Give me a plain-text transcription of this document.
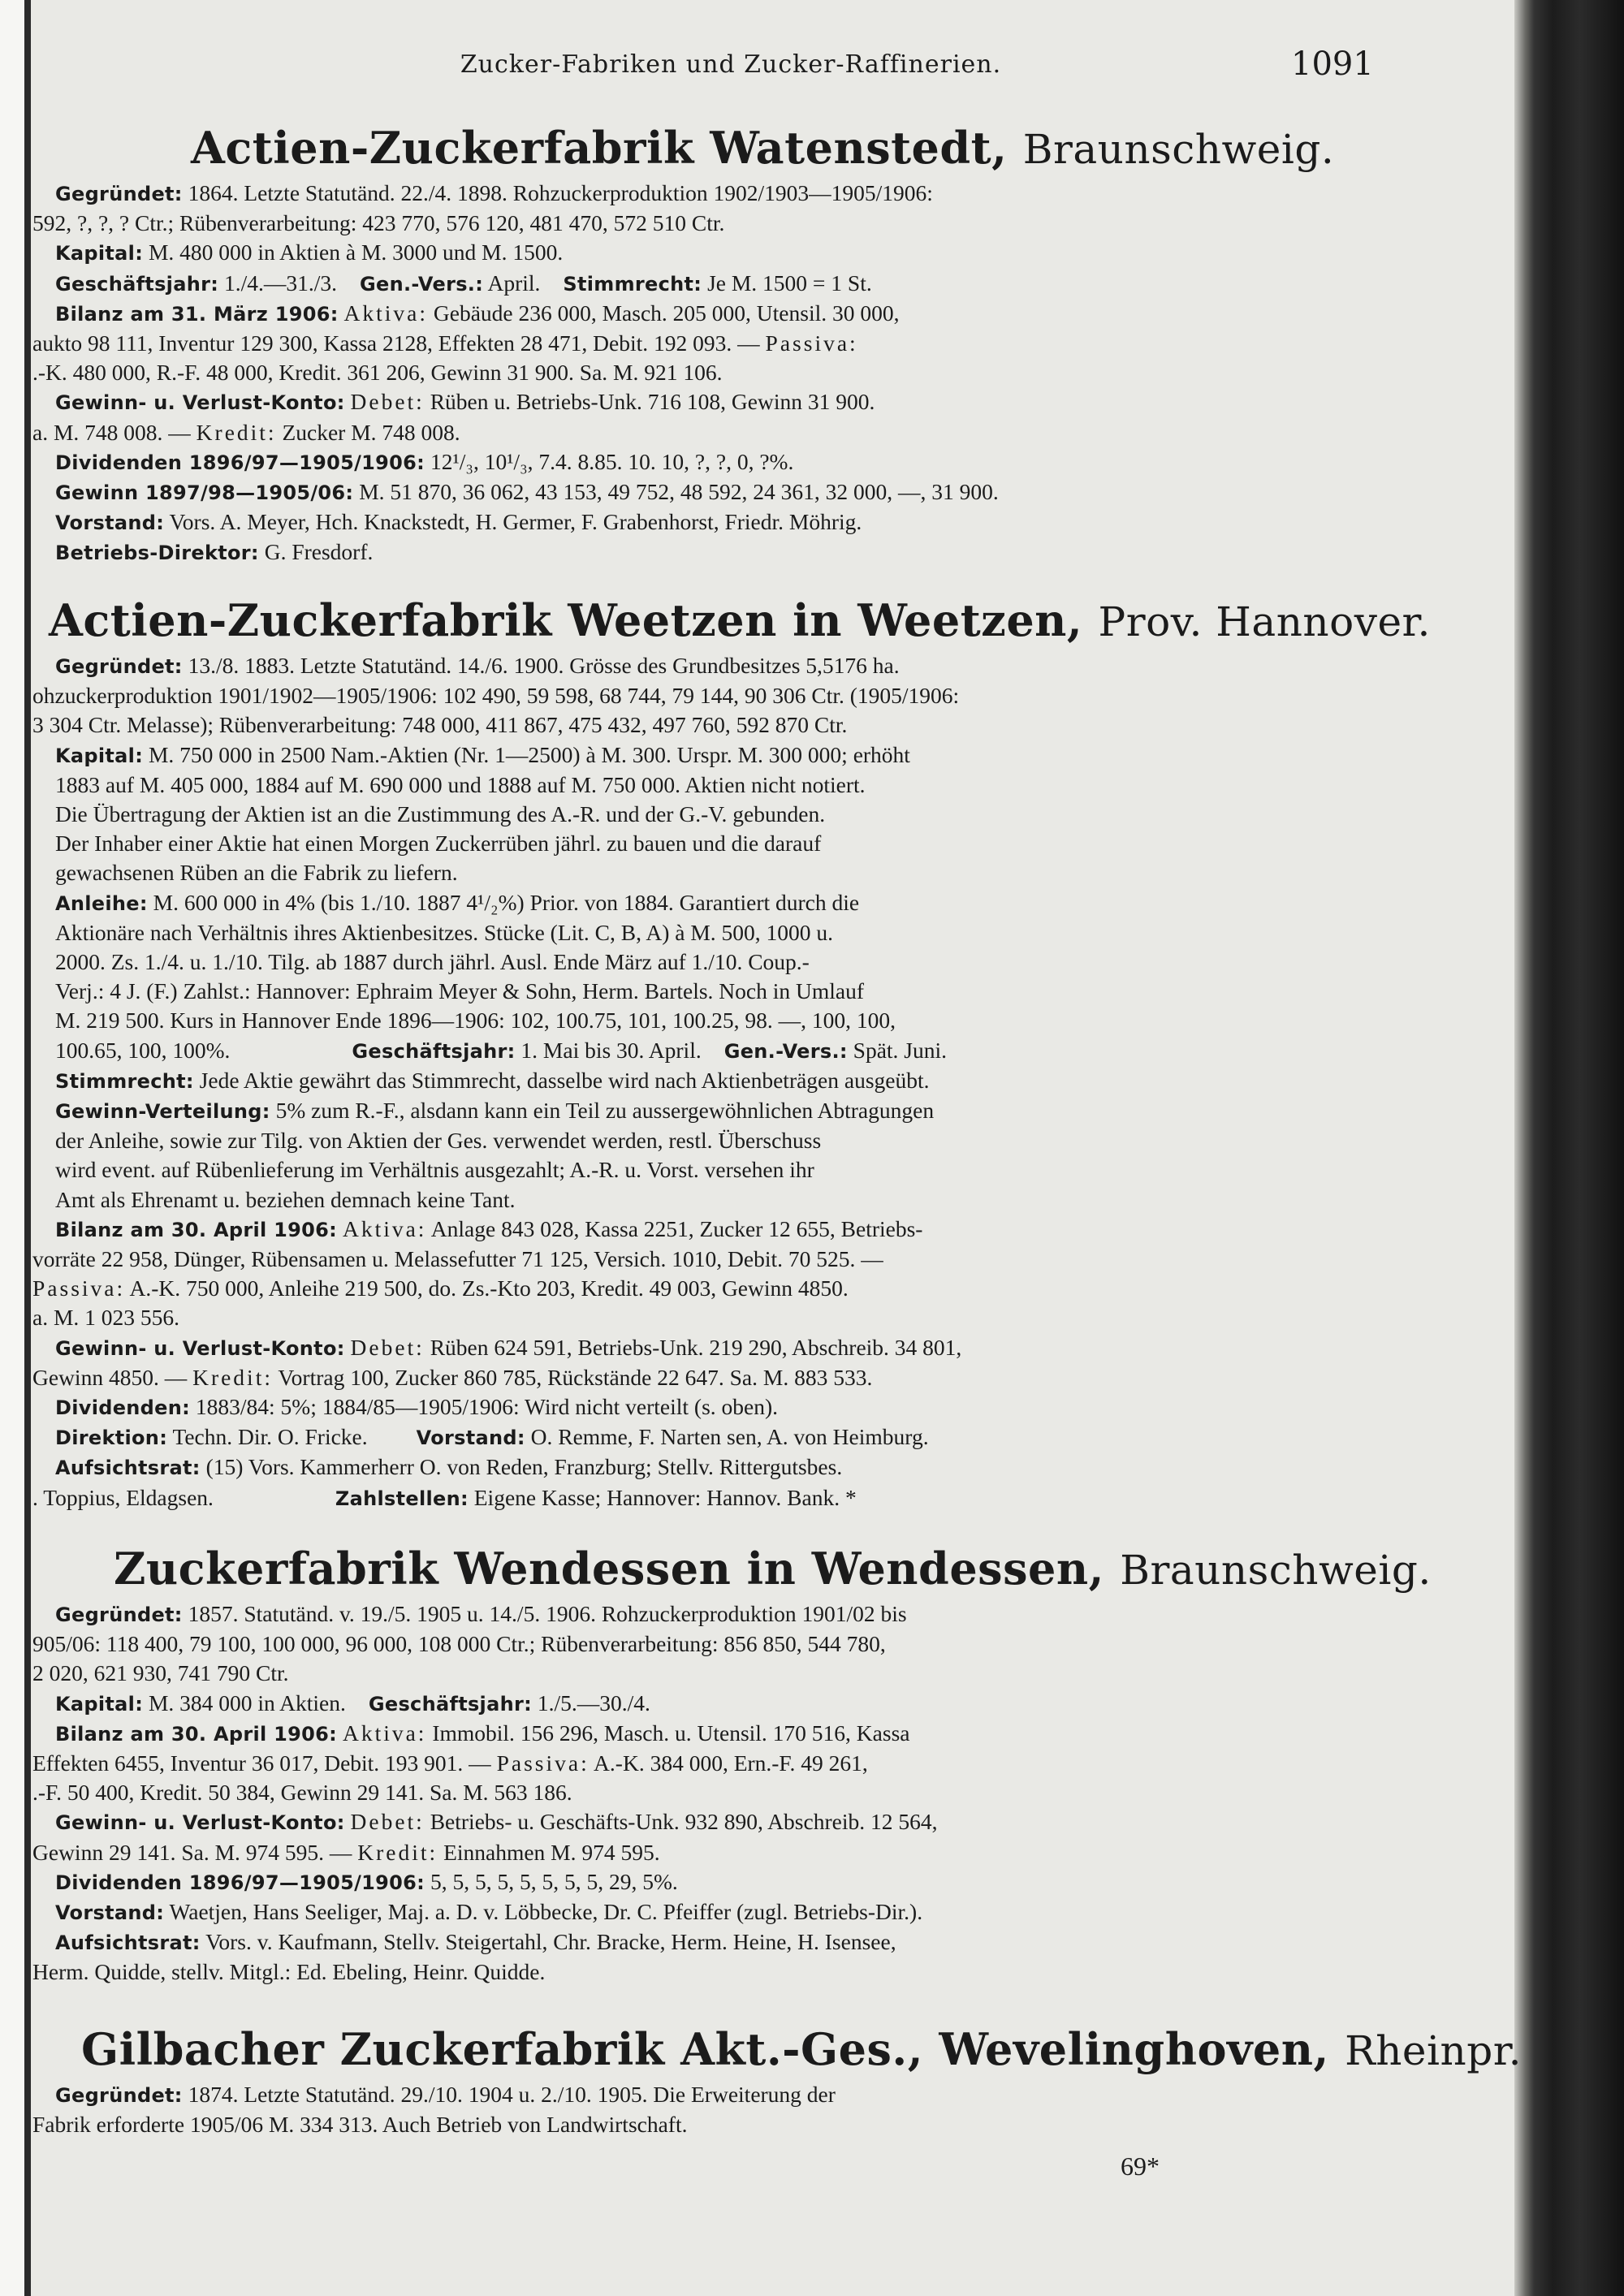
Zucker-Fabriken und Zucker-Raffinerien.	1091
Actien-Zuckerfabrik Watenstedt, Braunschweig.
Gegründet: 1864. Letzte Statutänd. 22./4. 1898. Rohzuckerproduktion 1902/1903—1905/1906:
592, ?, ?, ? Ctr.; Rübenverarbeitung: 423 770, 576 120, 481 470, 572 510 Ctr.
Kapital: M. 480 000 in Aktien à M. 3000 und M. 1500.
Geschäftsjahr: 1./4.—31./3. Gen.-Vers.: April. Stimmrecht: Je M. 1500 = 1 St.
Bilanz am 31. März 1906: Aktiva: Gebäude 236 000, Masch. 205 000, Utensil. 30 000,
aukto 98 111, Inventur 129 300, Kassa 2128, Effekten 28 471, Debit. 192 093. — Passiva:
.-K. 480 000, R.-F. 48 000, Kredit. 361 206, Gewinn 31 900. Sa. M. 921 106.
Gewinn- u. Verlust-Konto: Debet: Rüben u. Betriebs-Unk. 716 108, Gewinn 31 900.
a. M. 748 008. — Kredit: Zucker M. 748 008.
Dividenden 1896/97—1905/1906: 12¹/₃, 10¹/₃, 7.4. 8.85. 10. 10, ?, ?, 0, ?%.
Gewinn 1897/98—1905/06: M. 51 870, 36 062, 43 153, 49 752, 48 592, 24 361, 32 000, —, 31 900.
Vorstand: Vors. A. Meyer, Hch. Knackstedt, H. Germer, F. Grabenhorst, Friedr. Möhrig.
Betriebs-Direktor: G. Fresdorf.
Actien-Zuckerfabrik Weetzen in Weetzen, Prov. Hannover.
Gegründet: 13./8. 1883. Letzte Statutänd. 14./6. 1900. Grösse des Grundbesitzes 5,5176 ha.
ohzuckerproduktion 1901/1902—1905/1906: 102 490, 59 598, 68 744, 79 144, 90 306 Ctr. (1905/1906:
3 304 Ctr. Melasse); Rübenverarbeitung: 748 000, 411 867, 475 432, 497 760, 592 870 Ctr.
Kapital: M. 750 000 in 2500 Nam.-Aktien (Nr. 1—2500) à M. 300. Urspr. M. 300 000; erhöht
1883 auf M. 405 000, 1884 auf M. 690 000 und 1888 auf M. 750 000. Aktien nicht notiert.
Die Übertragung der Aktien ist an die Zustimmung des A.-R. und der G.-V. gebunden.
Der Inhaber einer Aktie hat einen Morgen Zuckerrüben jährl. zu bauen und die darauf
gewachsenen Rüben an die Fabrik zu liefern.
Anleihe: M. 600 000 in 4% (bis 1./10. 1887 4¹/₂%) Prior. von 1884. Garantiert durch die
Aktionäre nach Verhältnis ihres Aktienbesitzes. Stücke (Lit. C, B, A) à M. 500, 1000 u.
2000. Zs. 1./4. u. 1./10. Tilg. ab 1887 durch jährl. Ausl. Ende März auf 1./10. Coup.-
Verj.: 4 J. (F.) Zahlst.: Hannover: Ephraim Meyer & Sohn, Herm. Bartels. Noch in Umlauf
M. 219 500. Kurs in Hannover Ende 1896—1906: 102, 100.75, 101, 100.25, 98. —, 100, 100,
100.65, 100, 100%.	Geschäftsjahr: 1. Mai bis 30. April. Gen.-Vers.: Spät. Juni.
Stimmrecht: Jede Aktie gewährt das Stimmrecht, dasselbe wird nach Aktienbeträgen ausgeübt.
Gewinn-Verteilung: 5% zum R.-F., alsdann kann ein Teil zu aussergewöhnlichen Abtragungen
der Anleihe, sowie zur Tilg. von Aktien der Ges. verwendet werden, restl. Überschuss
wird event. auf Rübenlieferung im Verhältnis ausgezahlt; A.-R. u. Vorst. versehen ihr
Amt als Ehrenamt u. beziehen demnach keine Tant.
Bilanz am 30. April 1906: Aktiva: Anlage 843 028, Kassa 2251, Zucker 12 655, Betriebs-
vorräte 22 958, Dünger, Rübensamen u. Melassefutter 71 125, Versich. 1010, Debit. 70 525. —
Passiva: A.-K. 750 000, Anleihe 219 500, do. Zs.-Kto 203, Kredit. 49 003, Gewinn 4850.
a. M. 1 023 556.
Gewinn- u. Verlust-Konto: Debet: Rüben 624 591, Betriebs-Unk. 219 290, Abschreib. 34 801,
Gewinn 4850. — Kredit: Vortrag 100, Zucker 860 785, Rückstände 22 647. Sa. M. 883 533.
Dividenden: 1883/84: 5%; 1884/85—1905/1906: Wird nicht verteilt (s. oben).
Direktion: Techn. Dir. O. Fricke.	Vorstand: O. Remme, F. Narten sen, A. von Heimburg.
Aufsichtsrat: (15) Vors. Kammerherr O. von Reden, Franzburg; Stellv. Rittergutsbes.
. Toppius, Eldagsen.	Zahlstellen: Eigene Kasse; Hannover: Hannov. Bank. *
Zuckerfabrik Wendessen in Wendessen, Braunschweig.
Gegründet: 1857. Statutänd. v. 19./5. 1905 u. 14./5. 1906. Rohzuckerproduktion 1901/02 bis
905/06: 118 400, 79 100, 100 000, 96 000, 108 000 Ctr.; Rübenverarbeitung: 856 850, 544 780,
2 020, 621 930, 741 790 Ctr.
Kapital: M. 384 000 in Aktien. Geschäftsjahr: 1./5.—30./4.
Bilanz am 30. April 1906: Aktiva: Immobil. 156 296, Masch. u. Utensil. 170 516, Kassa
Effekten 6455, Inventur 36 017, Debit. 193 901. — Passiva: A.-K. 384 000, Ern.-F. 49 261,
.-F. 50 400, Kredit. 50 384, Gewinn 29 141. Sa. M. 563 186.
Gewinn- u. Verlust-Konto: Debet: Betriebs- u. Geschäfts-Unk. 932 890, Abschreib. 12 564,
Gewinn 29 141. Sa. M. 974 595. — Kredit: Einnahmen M. 974 595.
Dividenden 1896/97—1905/1906: 5, 5, 5, 5, 5, 5, 5, 5, 29, 5%.
Vorstand: Waetjen, Hans Seeliger, Maj. a. D. v. Löbbecke, Dr. C. Pfeiffer (zugl. Betriebs-Dir.).
Aufsichtsrat: Vors. v. Kaufmann, Stellv. Steigertahl, Chr. Bracke, Herm. Heine, H. Isensee,
Herm. Quidde, stellv. Mitgl.: Ed. Ebeling, Heinr. Quidde.
Gilbacher Zuckerfabrik Akt.-Ges., Wevelinghoven, Rheinpr.
Gegründet: 1874. Letzte Statutänd. 29./10. 1904 u. 2./10. 1905. Die Erweiterung der
Fabrik erforderte 1905/06 M. 334 313. Auch Betrieb von Landwirtschaft.
69*
